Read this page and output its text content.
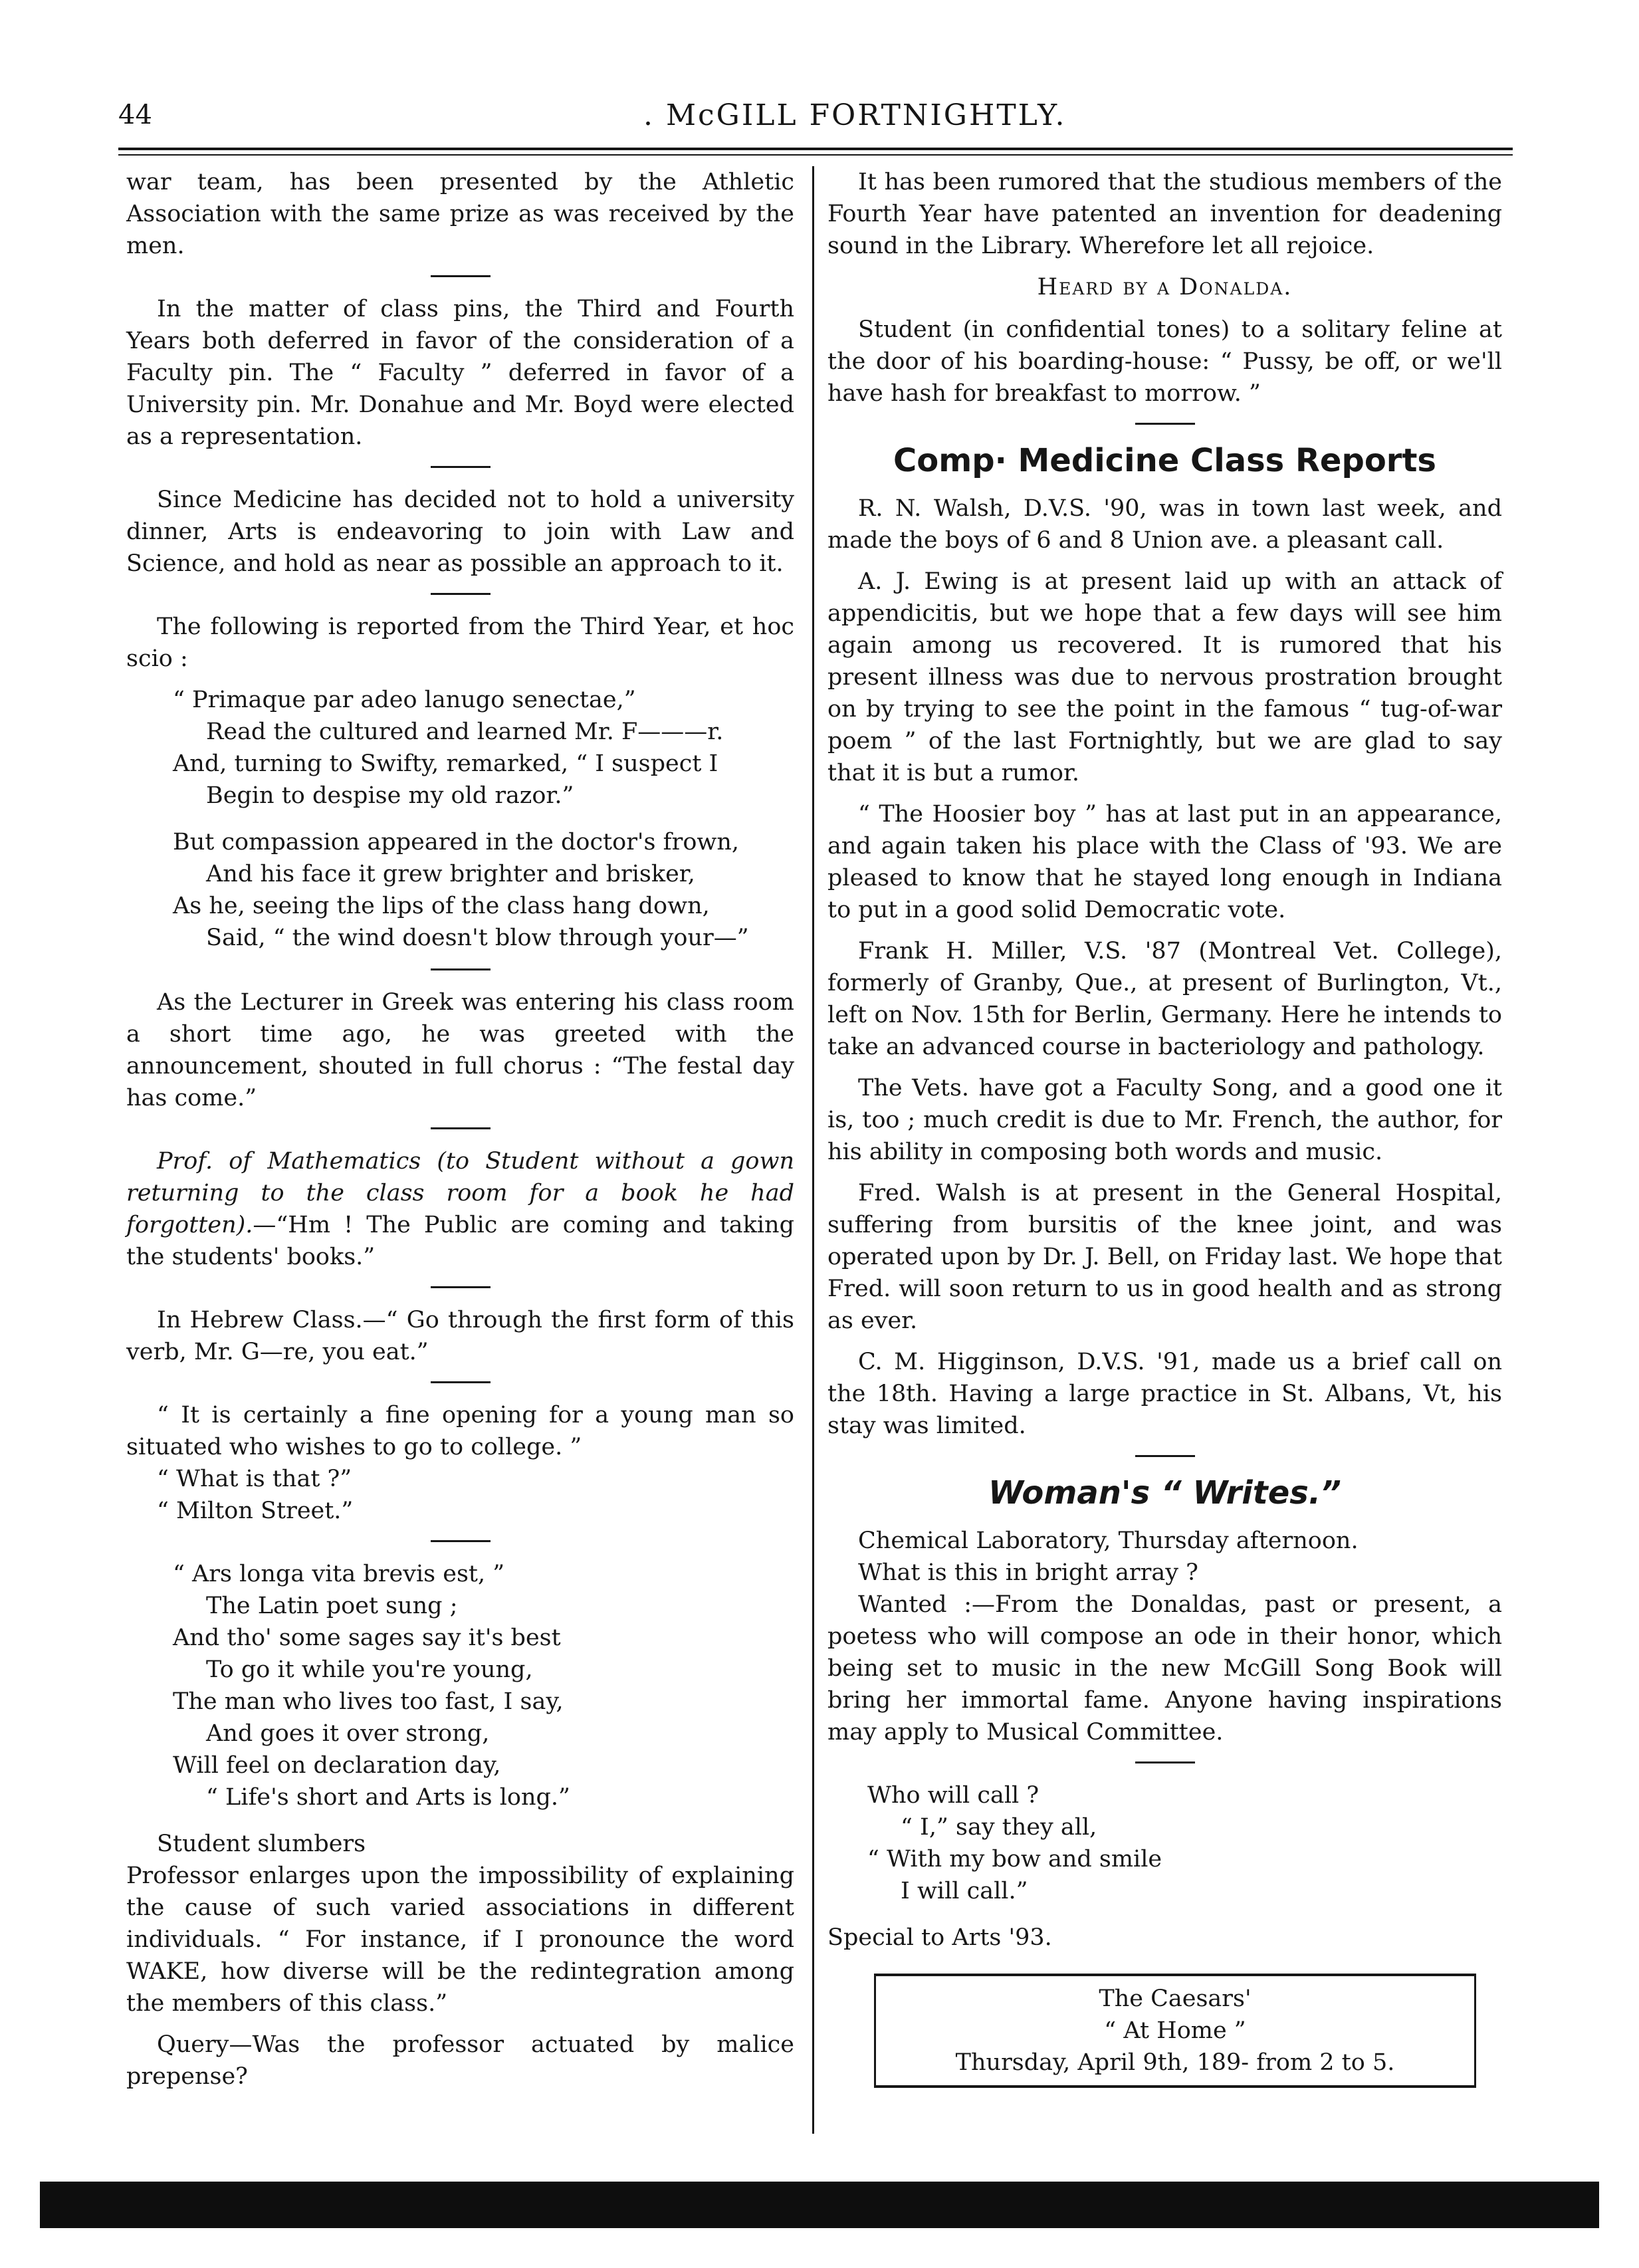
44	. McGILL FORTNIGHTLY.

war team, has been presented by the Athletic Association with the same prize as was received by the men.

In the matter of class pins, the Third and Fourth Years both deferred in favor of the consideration of a Faculty pin. The “ Faculty ” deferred in favor of a University pin. Mr. Donahue and Mr. Boyd were elected as a representation.

Since Medicine has decided not to hold a university dinner, Arts is endeavoring to join with Law and Science, and hold as near as possible an approach to it.

The following is reported from the Third Year, et hoc scio :

“ Primaque par adeo lanugo senectae,”
Read the cultured and learned Mr. F———r.
And, turning to Swifty, remarked, “ I suspect I
Begin to despise my old razor.”
But compassion appeared in the doctor's frown,
And his face it grew brighter and brisker,
As he, seeing the lips of the class hang down,
Said, “ the wind doesn't blow through your—”

As the Lecturer in Greek was entering his class room a short time ago, he was greeted with the announcement, shouted in full chorus : “The festal day has come.”

Prof. of Mathematics (to Student without a gown returning to the class room for a book he had forgotten).—“Hm ! The Public are coming and taking the students' books.”

In Hebrew Class.—“ Go through the first form of this verb, Mr. G—re, you eat.”

“ It is certainly a fine opening for a young man so situated who wishes to go to college. ”

“ What is that ?”

“ Milton Street.”

“ Ars longa vita brevis est, ”
The Latin poet sung ;
And tho' some sages say it's best
To go it while you're young,
The man who lives too fast, I say,
And goes it over strong,
Will feel on declaration day,
“ Life's short and Arts is long.”

Student slumbers

Professor enlarges upon the impossibility of explaining the cause of such varied associations in different individuals. “ For instance, if I pronounce the word WAKE, how diverse will be the redintegration among the members of this class.”

Query—Was the professor actuated by malice prepense?

It has been rumored that the studious members of the Fourth Year have patented an invention for deadening sound in the Library. Wherefore let all rejoice.

Heard by a Donalda.

Student (in confidential tones) to a solitary feline at the door of his boarding-house: “ Pussy, be off, or we'll have hash for breakfast to morrow. ”

Comp· Medicine Class Reports

R. N. Walsh, D.V.S. '90, was in town last week, and made the boys of 6 and 8 Union ave. a pleasant call.

A. J. Ewing is at present laid up with an attack of appendicitis, but we hope that a few days will see him again among us recovered. It is rumored that his present illness was due to nervous prostration brought on by trying to see the point in the famous “ tug-of-war poem ” of the last Fortnightly, but we are glad to say that it is but a rumor.

“ The Hoosier boy ” has at last put in an appearance, and again taken his place with the Class of '93. We are pleased to know that he stayed long enough in Indiana to put in a good solid Democratic vote.

Frank H. Miller, V.S. '87 (Montreal Vet. College), formerly of Granby, Que., at present of Burlington, Vt., left on Nov. 15th for Berlin, Germany. Here he intends to take an advanced course in bacteriology and pathology.

The Vets. have got a Faculty Song, and a good one it is, too ; much credit is due to Mr. French, the author, for his ability in composing both words and music.

Fred. Walsh is at present in the General Hospital, suffering from bursitis of the knee joint, and was operated upon by Dr. J. Bell, on Friday last. We hope that Fred. will soon return to us in good health and as strong as ever.

C. M. Higginson, D.V.S. '91, made us a brief call on the 18th. Having a large practice in St. Albans, Vt, his stay was limited.

Woman's “ Writes.”

Chemical Laboratory, Thursday afternoon.

What is this in bright array ?

Wanted :—From the Donaldas, past or present, a poetess who will compose an ode in their honor, which being set to music in the new McGill Song Book will bring her immortal fame. Anyone having inspirations may apply to Musical Committee.

Who will call ?
“ I,” say they all,
“ With my bow and smile
I will call.”

Special to Arts '93.

The Caesars'
“ At Home ”
Thursday, April 9th, 189- from 2 to 5.
